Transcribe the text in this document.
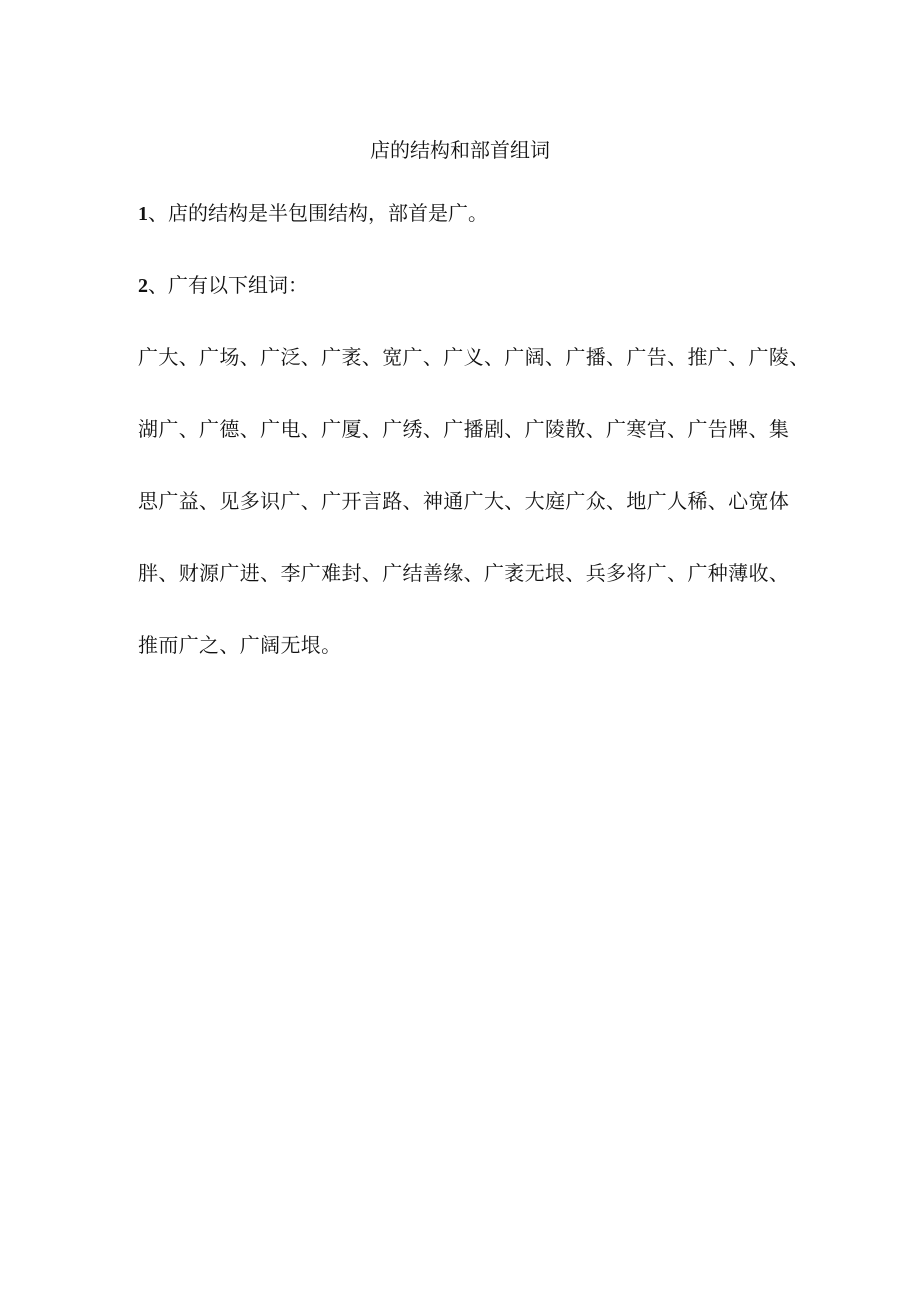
店的结构和部首组词
1、店的结构是半包围结构，部首是广。
2、广有以下组词：
广大、广场、广泛、广袤、宽广、广义、广阔、广播、广告、推广、广陵、
湖广、广德、广电、广厦、广绣、广播剧、广陵散、广寒宫、广告牌、集
思广益、见多识广、广开言路、神通广大、大庭广众、地广人稀、心宽体
胖、财源广进、李广难封、广结善缘、广袤无垠、兵多将广、广种薄收、
推而广之、广阔无垠。
